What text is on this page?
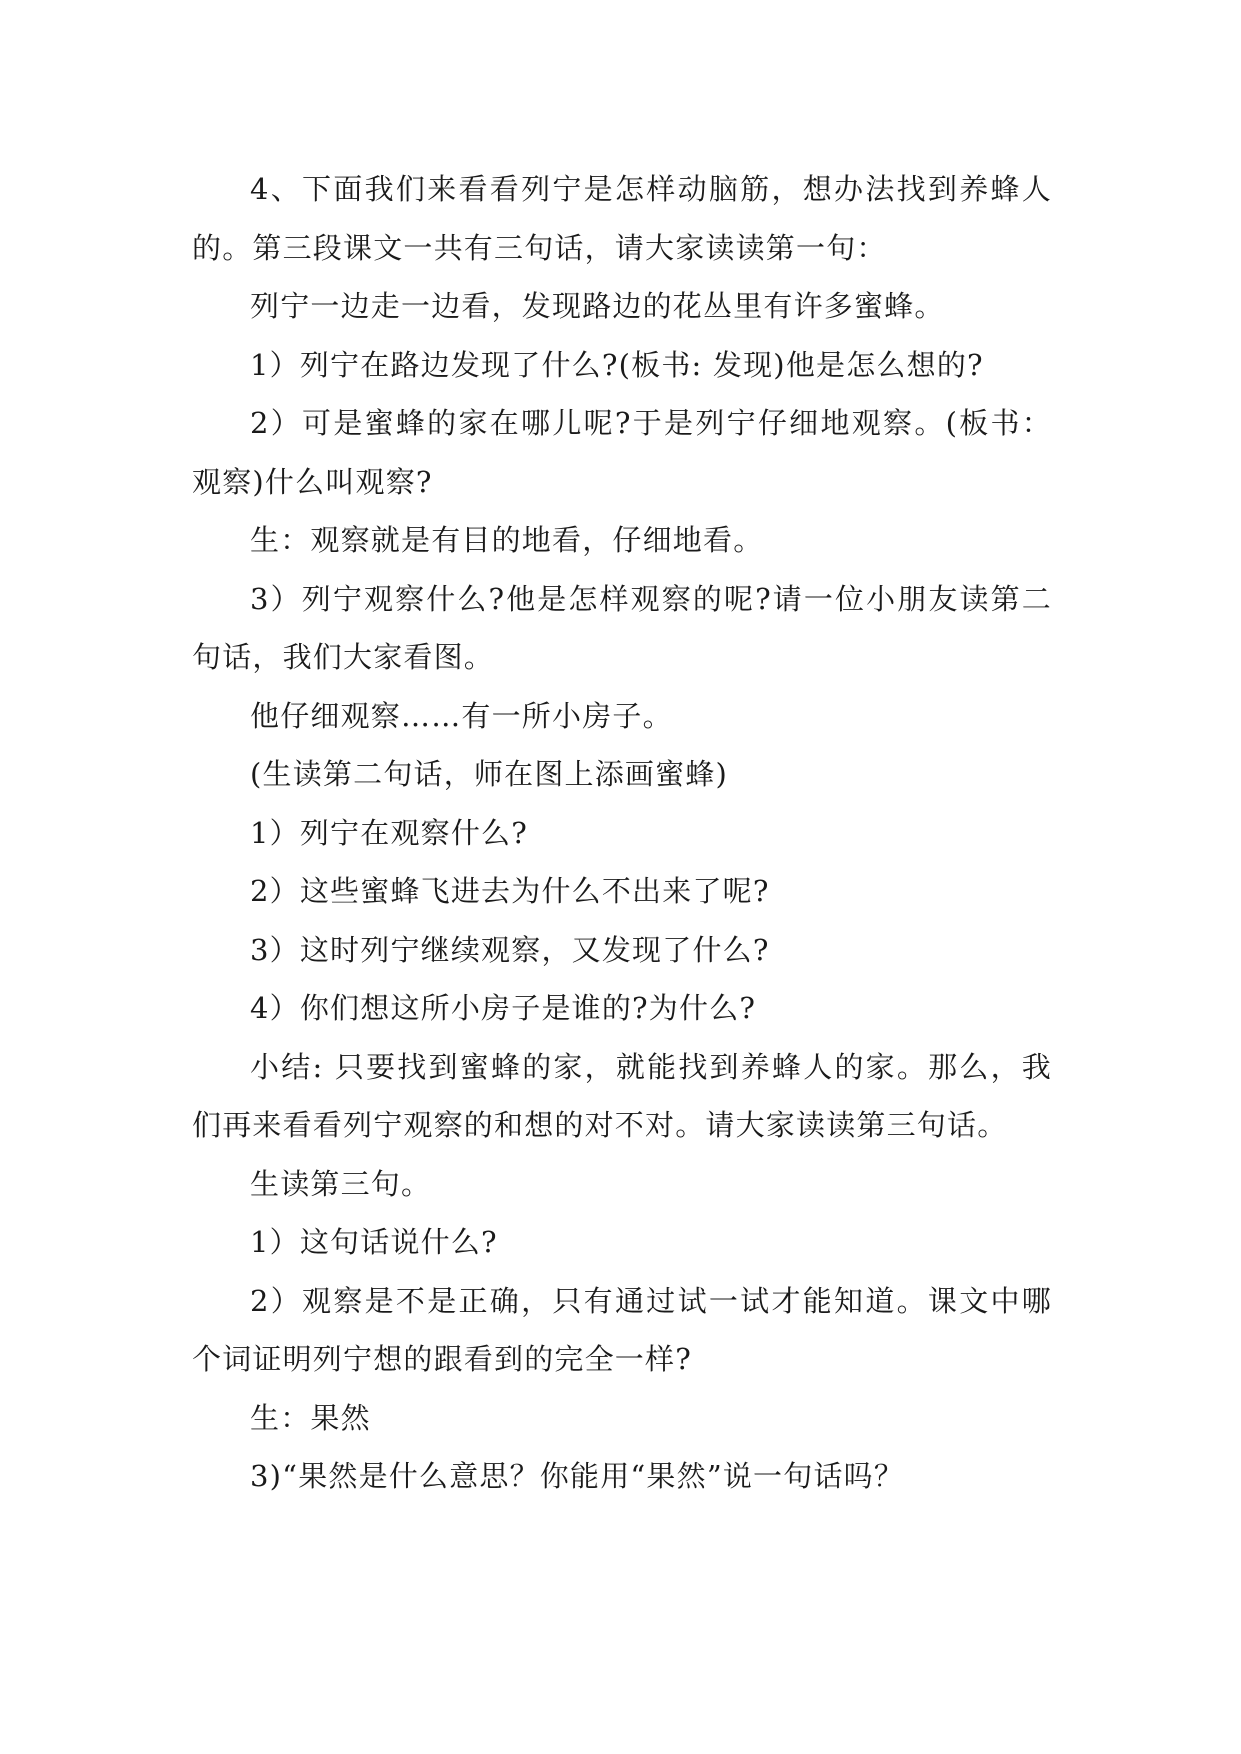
4、下面我们来看看列宁是怎样动脑筋，想办法找到养蜂人的。第三段课文一共有三句话，请大家读读第一句：

列宁一边走一边看，发现路边的花丛里有许多蜜蜂。

1）列宁在路边发现了什么?(板书: 发现)他是怎么想的?

2）可是蜜蜂的家在哪儿呢?于是列宁仔细地观察。(板书：观察)什么叫观察?

生：观察就是有目的地看，仔细地看。

3）列宁观察什么?他是怎样观察的呢?请一位小朋友读第二句话，我们大家看图。

他仔细观察……有一所小房子。

(生读第二句话，师在图上添画蜜蜂)

1）列宁在观察什么?

2）这些蜜蜂飞进去为什么不出来了呢?

3）这时列宁继续观察，又发现了什么?

4）你们想这所小房子是谁的?为什么?

小结: 只要找到蜜蜂的家，就能找到养蜂人的家。那么，我们再来看看列宁观察的和想的对不对。请大家读读第三句话。

生读第三句。

1）这句话说什么?

2）观察是不是正确，只有通过试一试才能知道。课文中哪个词证明列宁想的跟看到的完全一样?

生：果然

3)“果然是什么意思？你能用“果然”说一句话吗？
